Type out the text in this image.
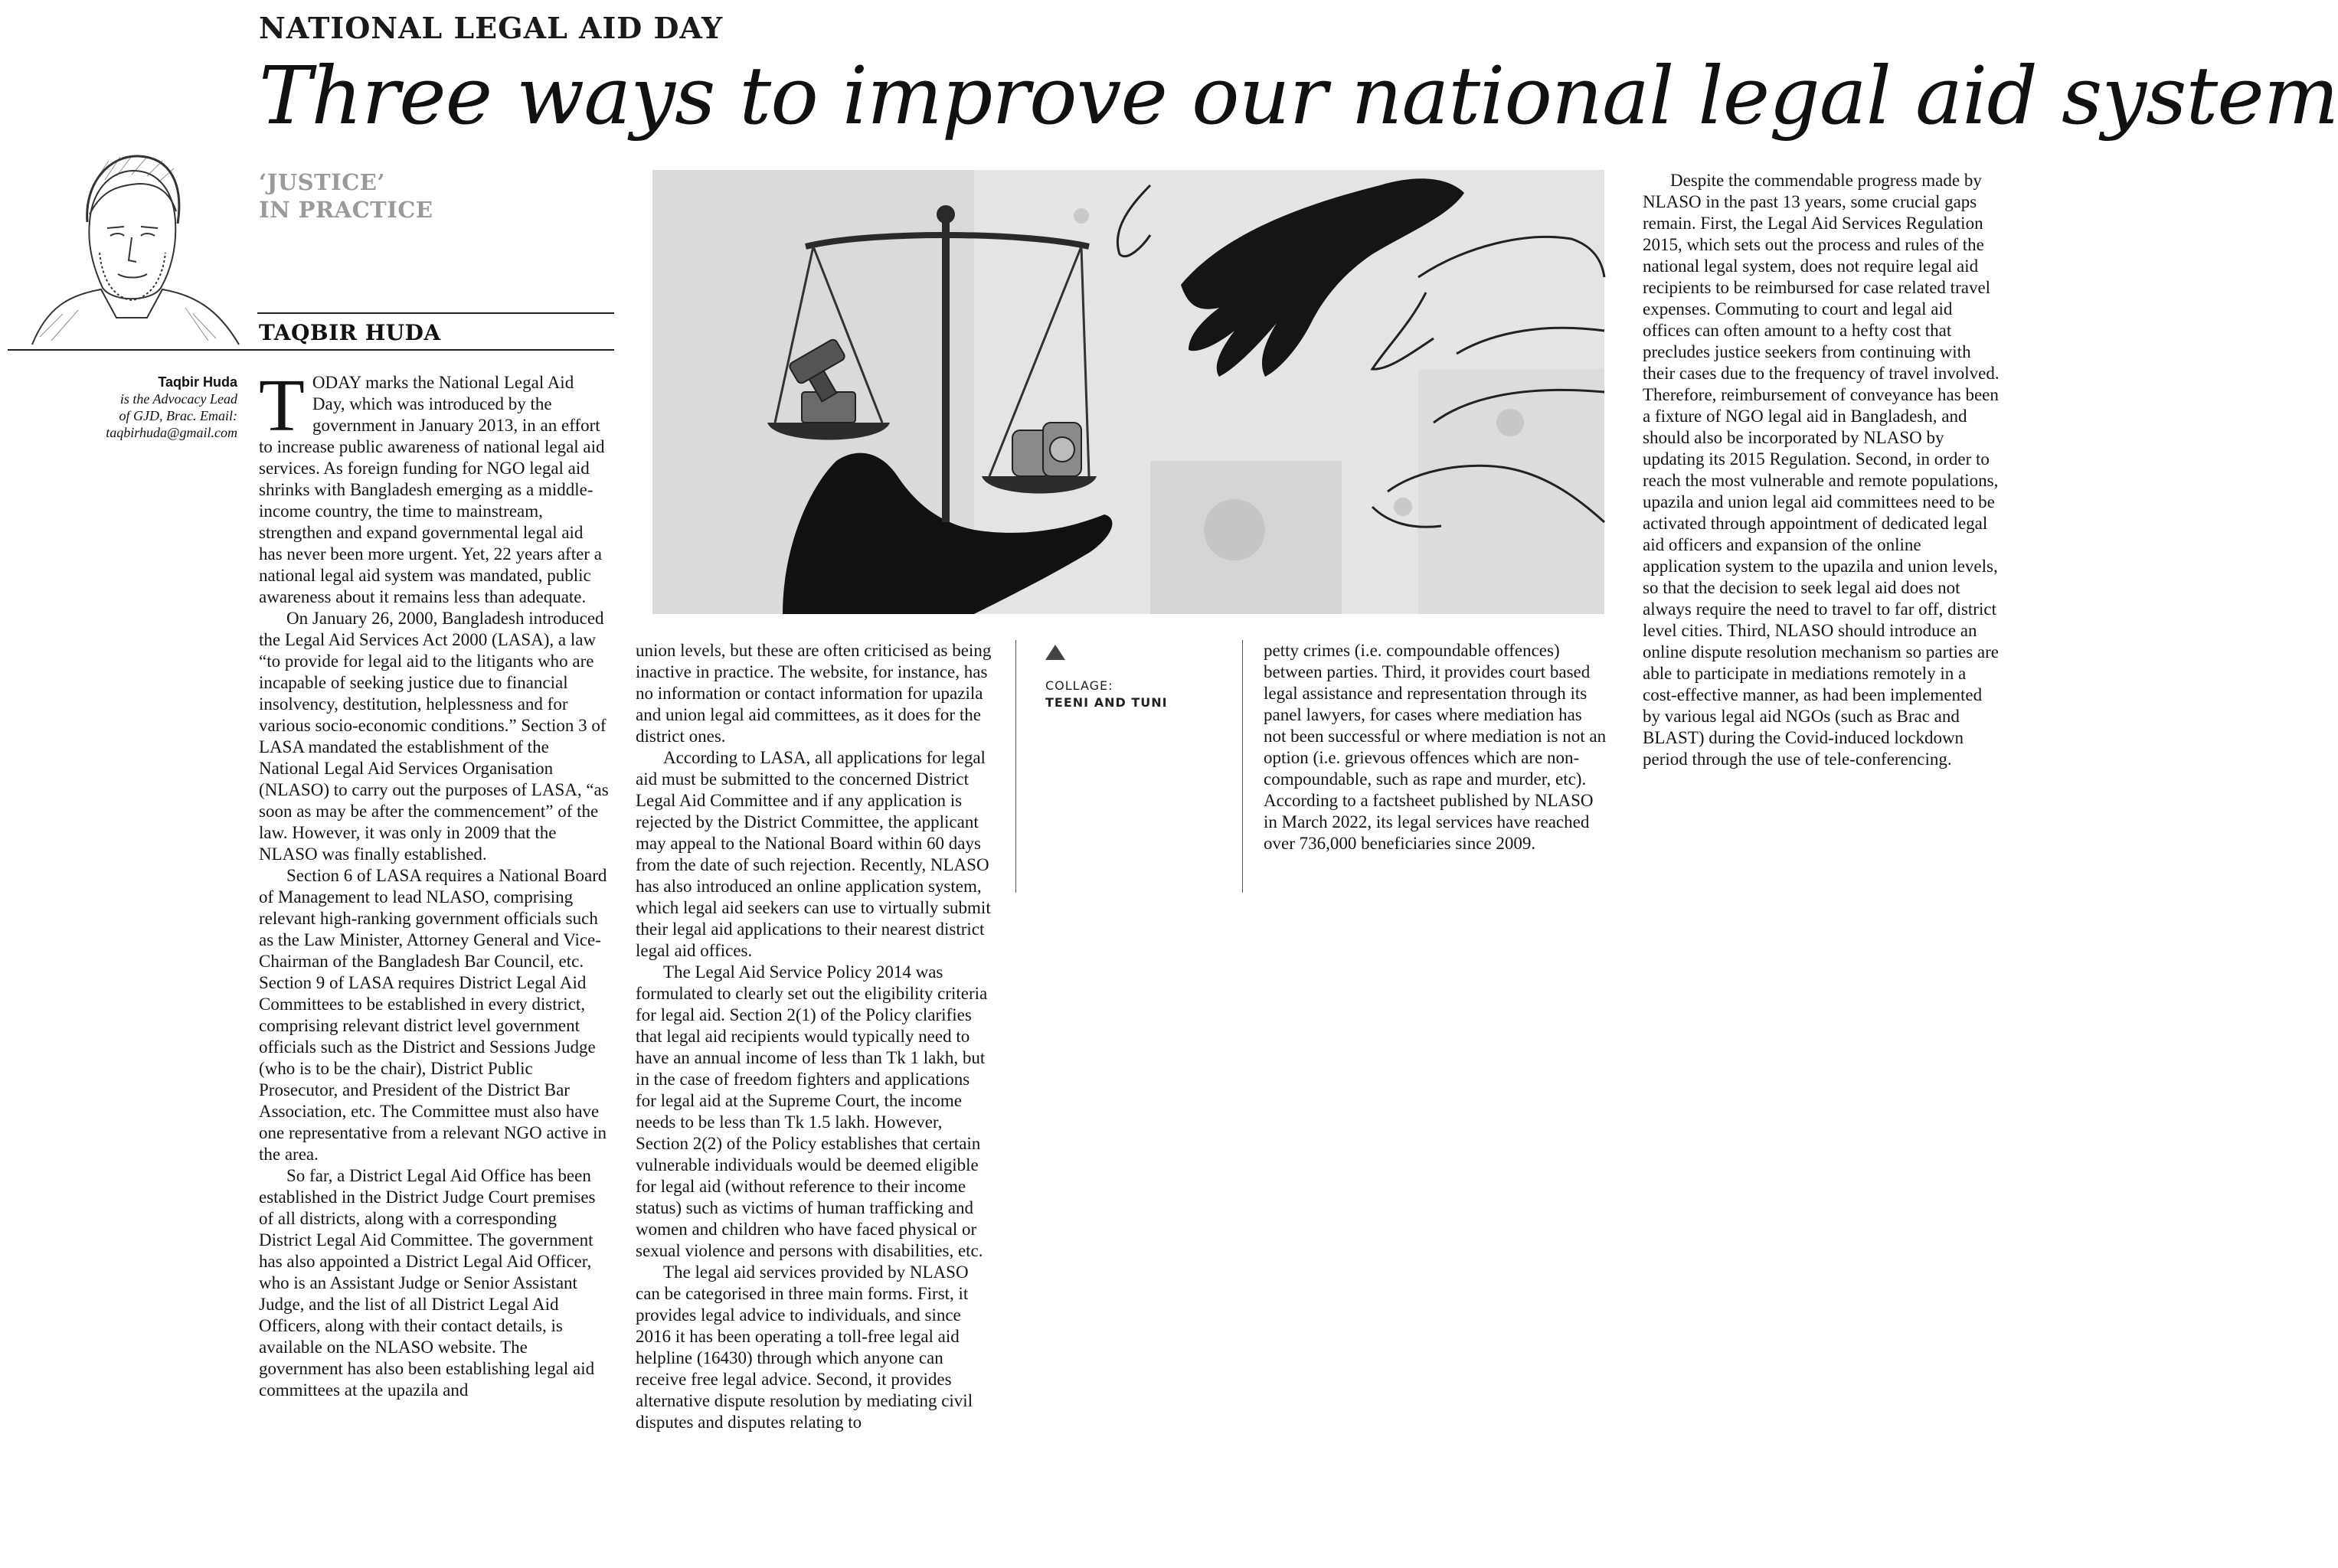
NATIONAL LEGAL AID DAY
Three ways to improve our national legal aid system
‘JUSTICE’
IN PRACTICE
TAQBIR HUDA
Taqbir Huda
is the Advocacy Lead
of GJD, Brac. Email:
taqbirhuda@gmail.com
COLLAGE:
TEENI AND TUNI

TODAY marks the National Legal Aid Day, which was introduced by the government in January 2013, in an effort to increase public awareness of national legal aid services. As foreign funding for NGO legal aid shrinks with Bangladesh emerging as a middle-income country, the time to mainstream, strengthen and expand governmental legal aid has never been more urgent. Yet, 22 years after a national legal aid system was mandated, public awareness about it remains less than adequate.

On January 26, 2000, Bangladesh introduced the Legal Aid Services Act 2000 (LASA), a law “to provide for legal aid to the litigants who are incapable of seeking justice due to financial insolvency, destitution, helplessness and for various socio-economic conditions.” Section 3 of LASA mandated the establishment of the National Legal Aid Services Organisation (NLASO) to carry out the purposes of LASA, “as soon as may be after the commencement” of the law. However, it was only in 2009 that the NLASO was finally established.

Section 6 of LASA requires a National Board of Management to lead NLASO, comprising relevant high-ranking government officials such as the Law Minister, Attorney General and Vice-Chairman of the Bangladesh Bar Council, etc. Section 9 of LASA requires District Legal Aid Committees to be established in every district, comprising relevant district level government officials such as the District and Sessions Judge (who is to be the chair), District Public Prosecutor, and President of the District Bar Association, etc. The Committee must also have one representative from a relevant NGO active in the area.

So far, a District Legal Aid Office has been established in the District Judge Court premises of all districts, along with a corresponding District Legal Aid Committee. The government has also appointed a District Legal Aid Officer, who is an Assistant Judge or Senior Assistant Judge, and the list of all District Legal Aid Officers, along with their contact details, is available on the NLASO website. The government has also been establishing legal aid committees at the upazila and

union levels, but these are often criticised as being inactive in practice. The website, for instance, has no information or contact information for upazila and union legal aid committees, as it does for the district ones.

According to LASA, all applications for legal aid must be submitted to the concerned District Legal Aid Committee and if any application is rejected by the District Committee, the applicant may appeal to the National Board within 60 days from the date of such rejection. Recently, NLASO has also introduced an online application system, which legal aid seekers can use to virtually submit their legal aid applications to their nearest district legal aid offices.

The Legal Aid Service Policy 2014 was formulated to clearly set out the eligibility criteria for legal aid. Section 2(1) of the Policy clarifies that legal aid recipients would typically need to have an annual income of less than Tk 1 lakh, but in the case of freedom fighters and applications for legal aid at the Supreme Court, the income needs to be less than Tk 1.5 lakh. However, Section 2(2) of the Policy establishes that certain vulnerable individuals would be deemed eligible for legal aid (without reference to their income status) such as victims of human trafficking and women and children who have faced physical or sexual violence and persons with disabilities, etc.

The legal aid services provided by NLASO can be categorised in three main forms. First, it provides legal advice to individuals, and since 2016 it has been operating a toll-free legal aid helpline (16430) through which anyone can receive free legal advice. Second, it provides alternative dispute resolution by mediating civil disputes and disputes relating to

petty crimes (i.e. compoundable offences) between parties. Third, it provides court based legal assistance and representation through its panel lawyers, for cases where mediation has not been successful or where mediation is not an option (i.e. grievous offences which are non-compoundable, such as rape and murder, etc). According to a factsheet published by NLASO in March 2022, its legal services have reached over 736,000 beneficiaries since 2009.

Despite the commendable progress made by NLASO in the past 13 years, some crucial gaps remain. First, the Legal Aid Services Regulation 2015, which sets out the process and rules of the national legal system, does not require legal aid recipients to be reimbursed for case related travel expenses. Commuting to court and legal aid offices can often amount to a hefty cost that precludes justice seekers from continuing with their cases due to the frequency of travel involved. Therefore, reimbursement of conveyance has been a fixture of NGO legal aid in Bangladesh, and should also be incorporated by NLASO by updating its 2015 Regulation. Second, in order to reach the most vulnerable and remote populations, upazila and union legal aid committees need to be activated through appointment of dedicated legal aid officers and expansion of the online application system to the upazila and union levels, so that the decision to seek legal aid does not always require the need to travel to far off, district level cities. Third, NLASO should introduce an online dispute resolution mechanism so parties are able to participate in mediations remotely in a cost-effective manner, as had been implemented by various legal aid NGOs (such as Brac and BLAST) during the Covid-induced lockdown period through the use of tele-conferencing.
